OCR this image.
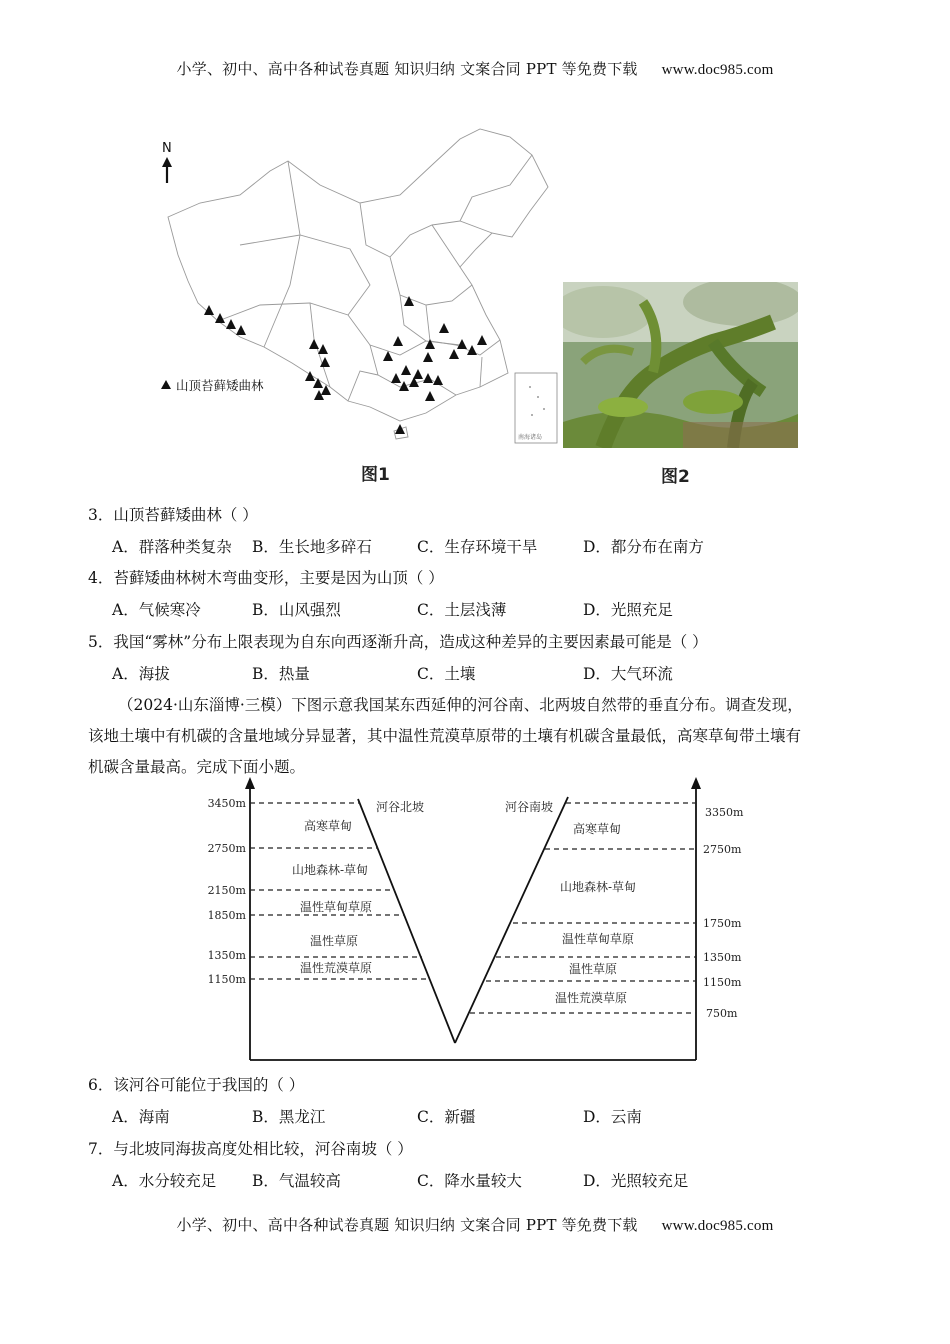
小学、初中、高中各种试卷真题 知识归纳 文案合同 PPT 等免费下载 www.doc985.com
南海诸岛
N
山顶苔藓矮曲林
图1	图2
3．山顶苔藓矮曲林（ ）
A．群落种类复杂 B．生长地多碎石	C．生存环境干旱	D．都分布在南方
4．苔藓矮曲林树木弯曲变形，主要是因为山顶（ ）
A．气候寒冷	B．山风强烈	C．土层浅薄	D．光照充足
5．我国“雾林”分布上限表现为自东向西逐渐升高，造成这种差异的主要因素最可能是（ ）
A．海拔	B．热量	C．土壤	D．大气环流
（2024·山东淄博·三模）下图示意我国某东西延伸的河谷南、北两坡自然带的垂直分布。调查发现，
该地土壤中有机碳的含量地域分异显著，其中温性荒漠草原带的土壤有机碳含量最低，高寒草甸带土壤有
机碳含量最高。完成下面小题。
3450m
2750m
2150m
1850m
1350m
1150m
3350m
2750m
1750m
1350m
1150m
750m
河谷北坡	河谷南坡
高寒草甸
山地森林-草甸
温性草甸草原
温性草原
温性荒漠草原
高寒草甸
山地森林-草甸
温性草甸草原
温性草原
温性荒漠草原
6．该河谷可能位于我国的（ ）
A．海南	B．黑龙江	C．新疆	D．云南
7．与北坡同海拔高度处相比较，河谷南坡（ ）
A．水分较充足 B．气温较高	C．降水量较大	D．光照较充足
小学、初中、高中各种试卷真题 知识归纳 文案合同 PPT 等免费下载 www.doc985.com
